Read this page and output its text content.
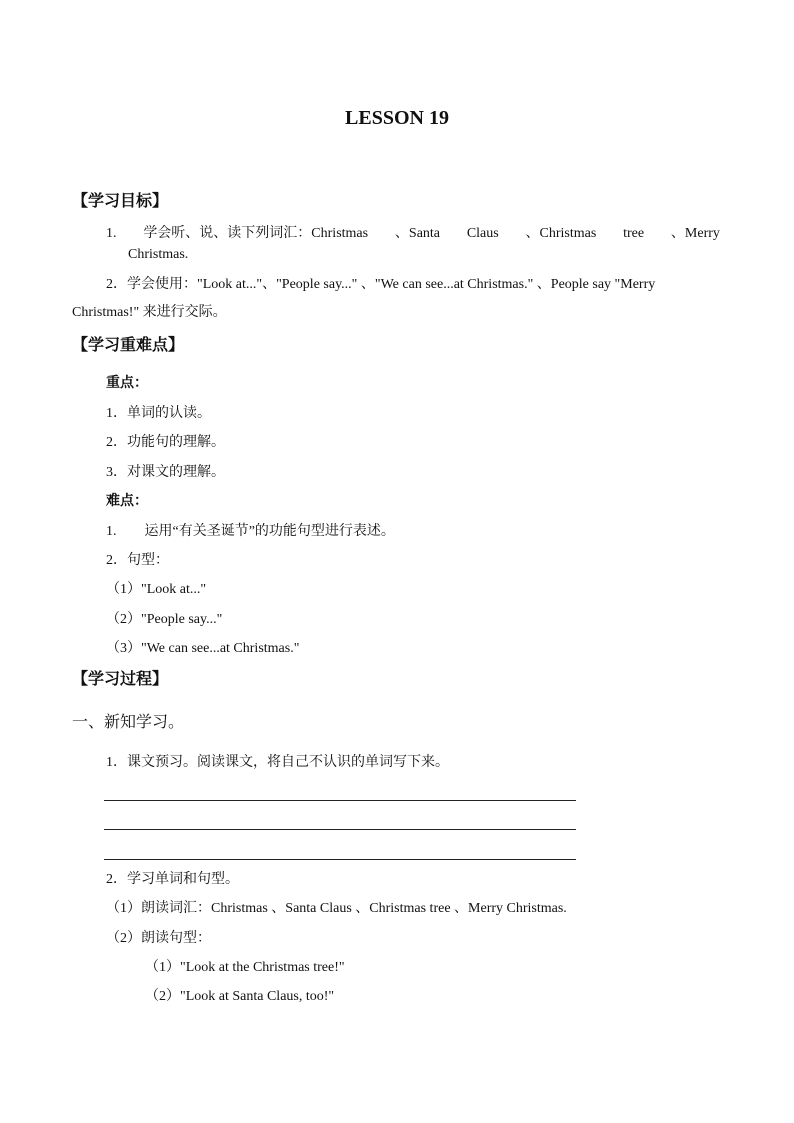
LESSON 19
【学习目标】
1. 学会听、说、读下列词汇：Christmas 、Santa Claus 、Christmas tree 、Merry
Christmas.
2．学会使用："Look at..."、"People say..." 、"We can see...at Christmas." 、People say "Merry
Christmas!" 来进行交际。
【学习重难点】
重点：
1．单词的认读。
2．功能句的理解。
3．对课文的理解。
难点：
1.　　运用“有关圣诞节”的功能句型进行表述。
2．句型：
（1）"Look at..."
（2）"People say..."
（3）"We can see...at Christmas."
【学习过程】
一、新知学习。
1．课文预习。阅读课文，将自己不认识的单词写下来。
2．学习单词和句型。
（1）朗读词汇：Christmas 、Santa Claus 、Christmas tree 、Merry Christmas.
（2）朗读句型：
（1）"Look at the Christmas tree!"
（2）"Look at Santa Claus, too!"
